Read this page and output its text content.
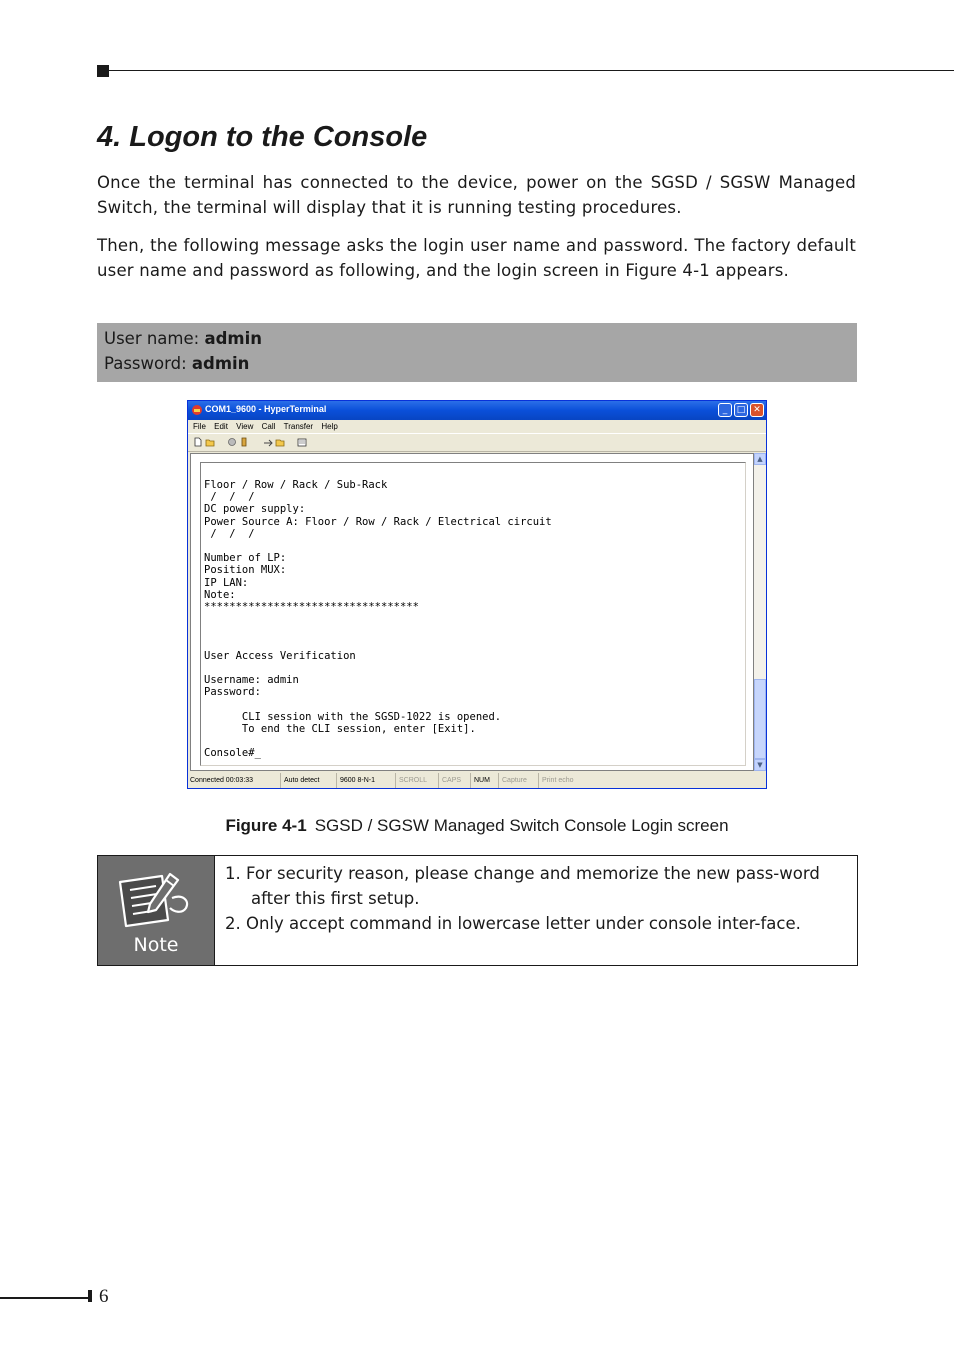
4. Logon to the Console

Once the terminal has connected to the device, power on the SGSD / SGSW Managed Switch, the terminal will display that it is running testing procedures.

Then, the following message asks the login user name and password. The factory default user name and password as following, and the login screen in Figure 4-1 appears.

User name: admin
Password: admin
COM1_9600 - HyperTerminal	_	□ ✕
File Edit View Call Transfer Help
Floor / Row / Rack / Sub-Rack
/  /  /
DC power supply:
Power Source A: Floor / Row / Rack / Electrical circuit
/  /  /

Number of LP:
Position MUX:
IP LAN:
Note:
**********************************

User Access Verification

Username: admin
Password:

CLI session with the SGSD-1022 is opened.
To end the CLI session, enter [Exit].

Console#_
▲
▼
Connected 00:03:33	Auto detect	9600 8-N-1	SCROLL	CAPS	NUM	Capture	Print echo
Figure 4-1 SGSD / SGSW Managed Switch Console Login screen
Note
1. For security reason, please change and memorize the new pass-word after this first setup.
2. Only accept command in lowercase letter under console inter-face.
6
